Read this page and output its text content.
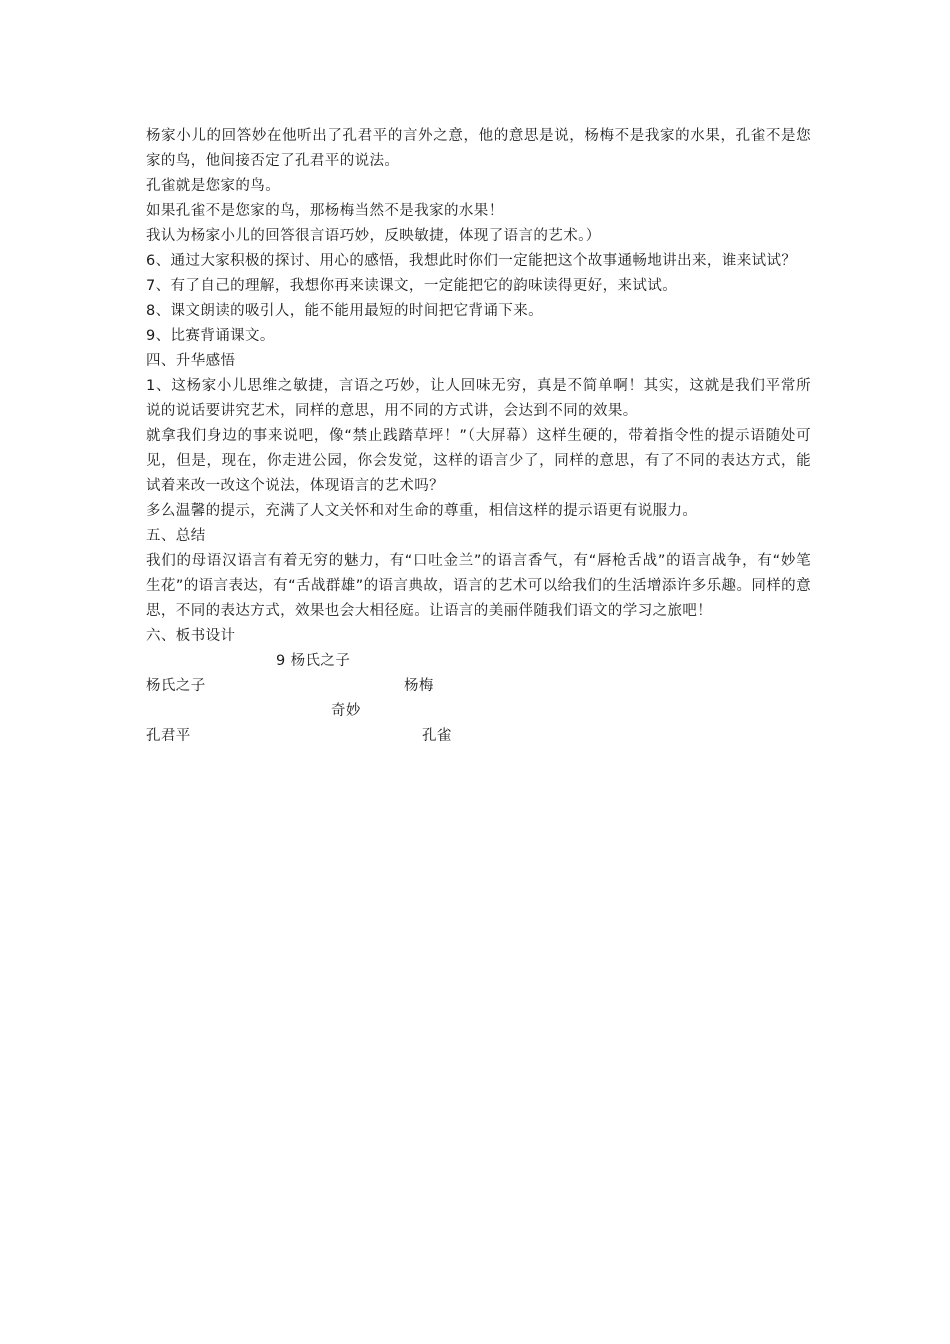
杨家小儿的回答妙在他听出了孔君平的言外之意，他的意思是说，杨梅不是我家的水果，孔雀不是您家的鸟，他间接否定了孔君平的说法。

孔雀就是您家的鸟。

如果孔雀不是您家的鸟，那杨梅当然不是我家的水果！

我认为杨家小儿的回答很言语巧妙，反映敏捷，体现了语言的艺术。）

6、通过大家积极的探讨、用心的感悟，我想此时你们一定能把这个故事通畅地讲出来，谁来试试？

7、有了自己的理解，我想你再来读课文，一定能把它的韵味读得更好，来试试。

8、课文朗读的吸引人，能不能用最短的时间把它背诵下来。

9、比赛背诵课文。

四、升华感悟

1、这杨家小儿思维之敏捷，言语之巧妙，让人回味无穷，真是不简单啊！其实，这就是我们平常所说的说话要讲究艺术，同样的意思，用不同的方式讲，会达到不同的效果。

就拿我们身边的事来说吧，像“禁止践踏草坪！”（大屏幕）这样生硬的，带着指令性的提示语随处可见，但是，现在，你走进公园，你会发觉，这样的语言少了，同样的意思，有了不同的表达方式，能试着来改一改这个说法，体现语言的艺术吗？

多么温馨的提示，充满了人文关怀和对生命的尊重，相信这样的提示语更有说服力。

五、总结

我们的母语汉语言有着无穷的魅力，有“口吐金兰”的语言香气，有“唇枪舌战”的语言战争，有“妙笔生花”的语言表达，有“舌战群雄”的语言典故，语言的艺术可以给我们的生活增添许多乐趣。同样的意思，不同的表达方式，效果也会大相径庭。让语言的美丽伴随我们语文的学习之旅吧！

六、板书设计

9 杨氏之子
杨氏之子	杨梅
奇妙
孔君平	孔雀
